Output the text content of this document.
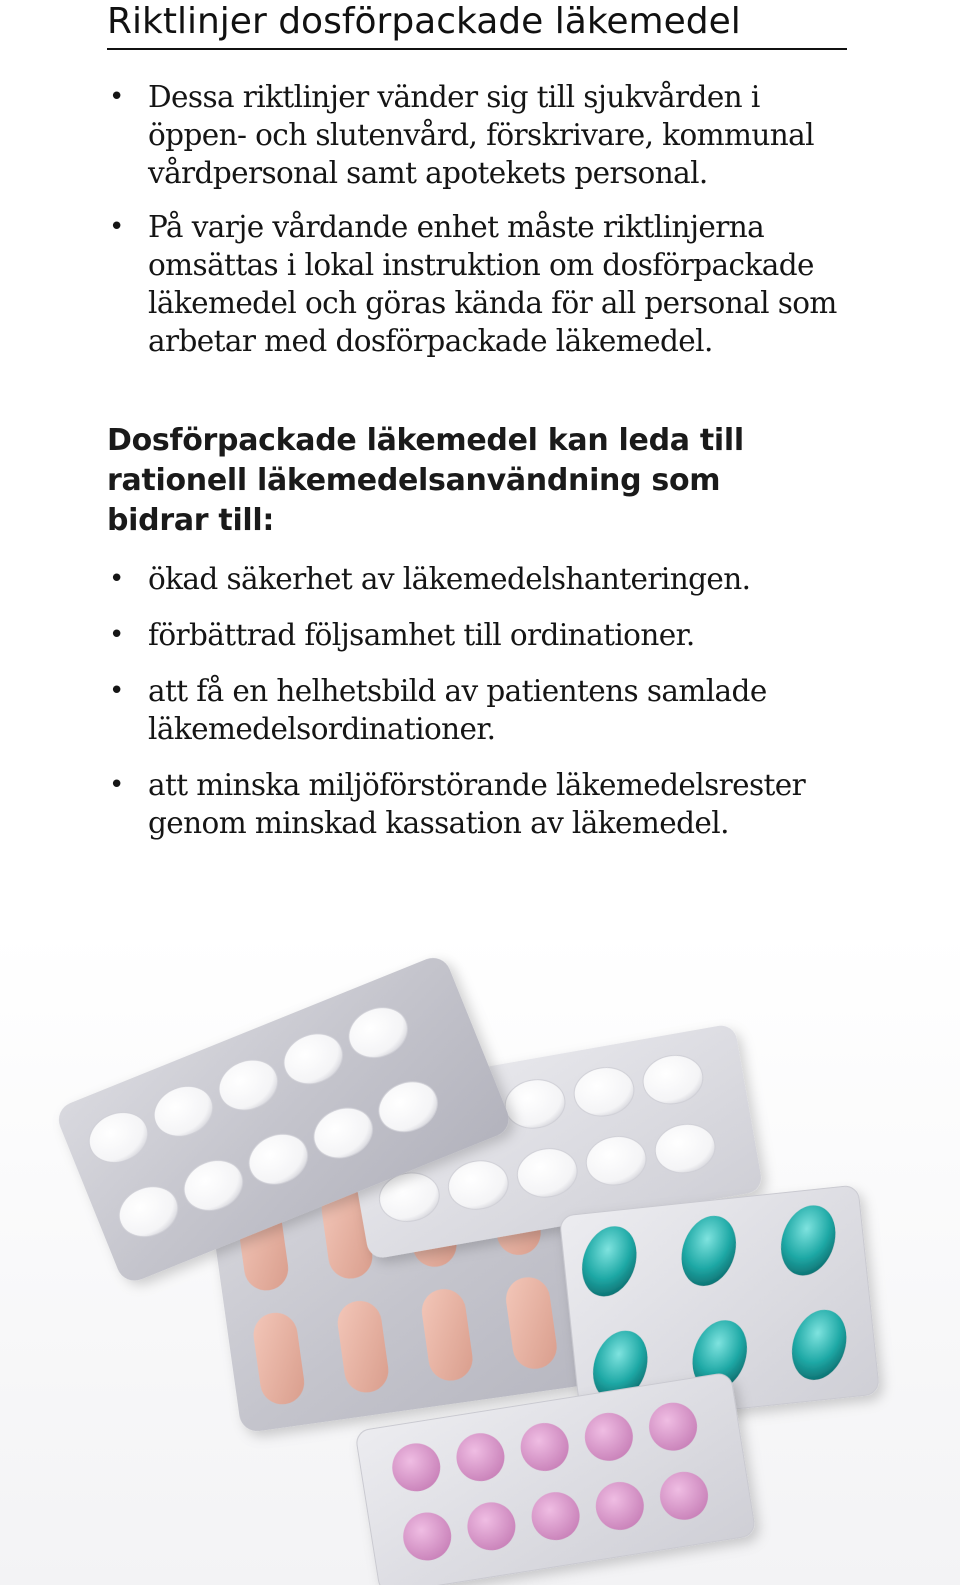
Riktlinjer dosförpackade läkemedel
• Dessa riktlinjer vänder sig till sjukvården i
öppen- och slutenvård, förskrivare, kommunal
vårdpersonal samt apotekets personal.
• På varje vårdande enhet måste riktlinjerna
omsättas i lokal instruktion om dosförpackade
läkemedel och göras kända för all personal som
arbetar med dosförpackade läkemedel.
Dosförpackade läkemedel kan leda till
rationell läkemedelsanvändning som
bidrar till:
• ökad säkerhet av läkemedelshanteringen.
• förbättrad följsamhet till ordinationer.
• att få en helhetsbild av patientens samlade
läkemedelsordinationer.
• att minska miljöförstörande läkemedelsrester
genom minskad kassation av läkemedel.
